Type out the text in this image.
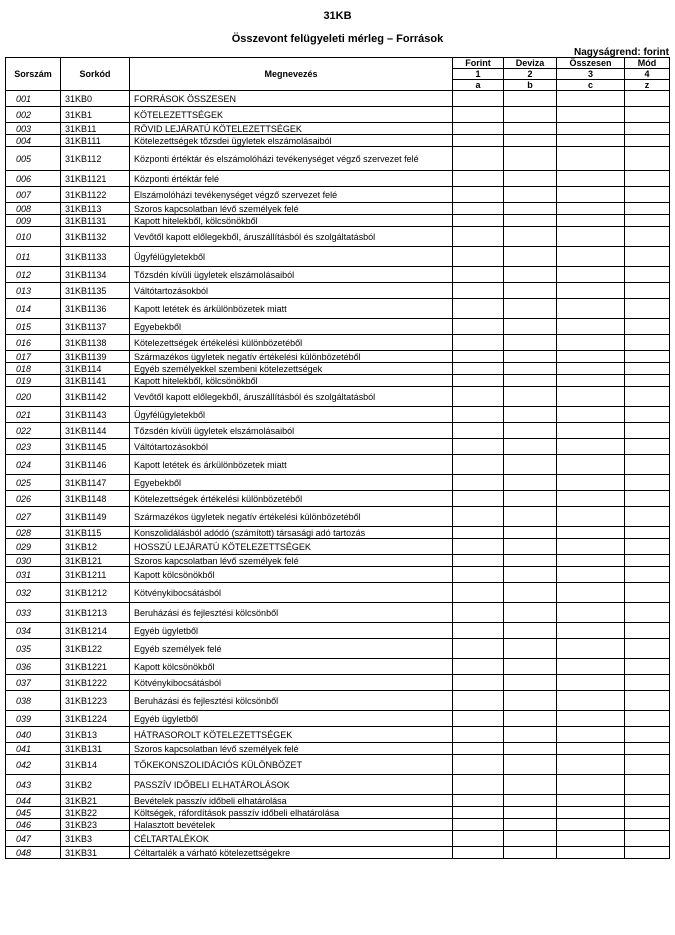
31KB
Összevont felügyeleti mérleg – Források
Nagyságrend: forint
Sorszám	Sorkód	Megnevezés	Forint	Deviza	Összesen	Mód
			1	2	3	4
			a	b	c	z
001	31KB0	FORRÁSOK ÖSSZESEN				
002	31KB1	KÖTELEZETTSÉGEK				
003	31KB11	RÖVID LEJÁRATÚ KÖTELEZETTSÉGEK				
004	31KB111	Kötelezettségek tőzsdei ügyletek elszámolásaiból				
005	31KB112	Központi értéktár és elszámolóházi tevékenységet végző szervezet felé				
006	31KB1121	Központi értéktár felé				
007	31KB1122	Elszámolóházi tevékenységet végző szervezet felé				
008	31KB113	Szoros kapcsolatban lévő személyek felé				
009	31KB1131	Kapott hitelekből, kölcsönökből				
010	31KB1132	Vevőtől kapott előlegekből, áruszállításból és szolgáltatásból				
011	31KB1133	Ügyfélügyletekből				
012	31KB1134	Tőzsdén kívüli ügyletek elszámolásaiból				
013	31KB1135	Váltótartozásokból				
014	31KB1136	Kapott letétek és árkülönbözetek miatt				
015	31KB1137	Egyebekből				
016	31KB1138	Kötelezettségek értékelési különbözetéből				
017	31KB1139	Származékos ügyletek negatív értékelési különbözetéből				
018	31KB114	Egyéb személyekkel szembeni kötelezettségek				
019	31KB1141	Kapott hitelekből, kölcsönökből				
020	31KB1142	Vevőtől kapott előlegekből, áruszállításból és szolgáltatásból				
021	31KB1143	Ügyfélügyletekből				
022	31KB1144	Tőzsdén kívüli ügyletek elszámolásaiból				
023	31KB1145	Váltótartozásokból				
024	31KB1146	Kapott letétek és árkülönbözetek miatt				
025	31KB1147	Egyebekből				
026	31KB1148	Kötelezettségek értékelési különbözetéből				
027	31KB1149	Származékos ügyletek negatív értékelési különbözetéből				
028	31KB115	Konszolidálásból adódó (számított) társasági adó tartozás				
029	31KB12	HOSSZÚ LEJÁRATÚ KÖTELEZETTSÉGEK				
030	31KB121	Szoros kapcsolatban lévő személyek felé				
031	31KB1211	Kapott kölcsönökből				
032	31KB1212	Kötvénykibocsátásból				
033	31KB1213	Beruházási és fejlesztési kölcsönből				
034	31KB1214	Egyéb ügyletből				
035	31KB122	Egyéb személyek felé				
036	31KB1221	Kapott kölcsönökből				
037	31KB1222	Kötvénykibocsátásból				
038	31KB1223	Beruházási és fejlesztési kölcsönből				
039	31KB1224	Egyéb ügyletből				
040	31KB13	HÁTRASOROLT KÖTELEZETTSÉGEK				
041	31KB131	Szoros kapcsolatban lévő személyek felé				
042	31KB14	TŐKEKONSZOLIDÁCIÓS KÜLÖNBÖZET				
043	31KB2	PASSZÍV IDŐBELI ELHATÁROLÁSOK				
044	31KB21	Bevételek passzív időbeli elhatárolása				
045	31KB22	Költségek, ráfordítások passzív időbeli elhatárolása				
046	31KB23	Halasztott bevételek				
047	31KB3	CÉLTARTALÉKOK				
048	31KB31	Céltartalék a várható kötelezettségekre				
